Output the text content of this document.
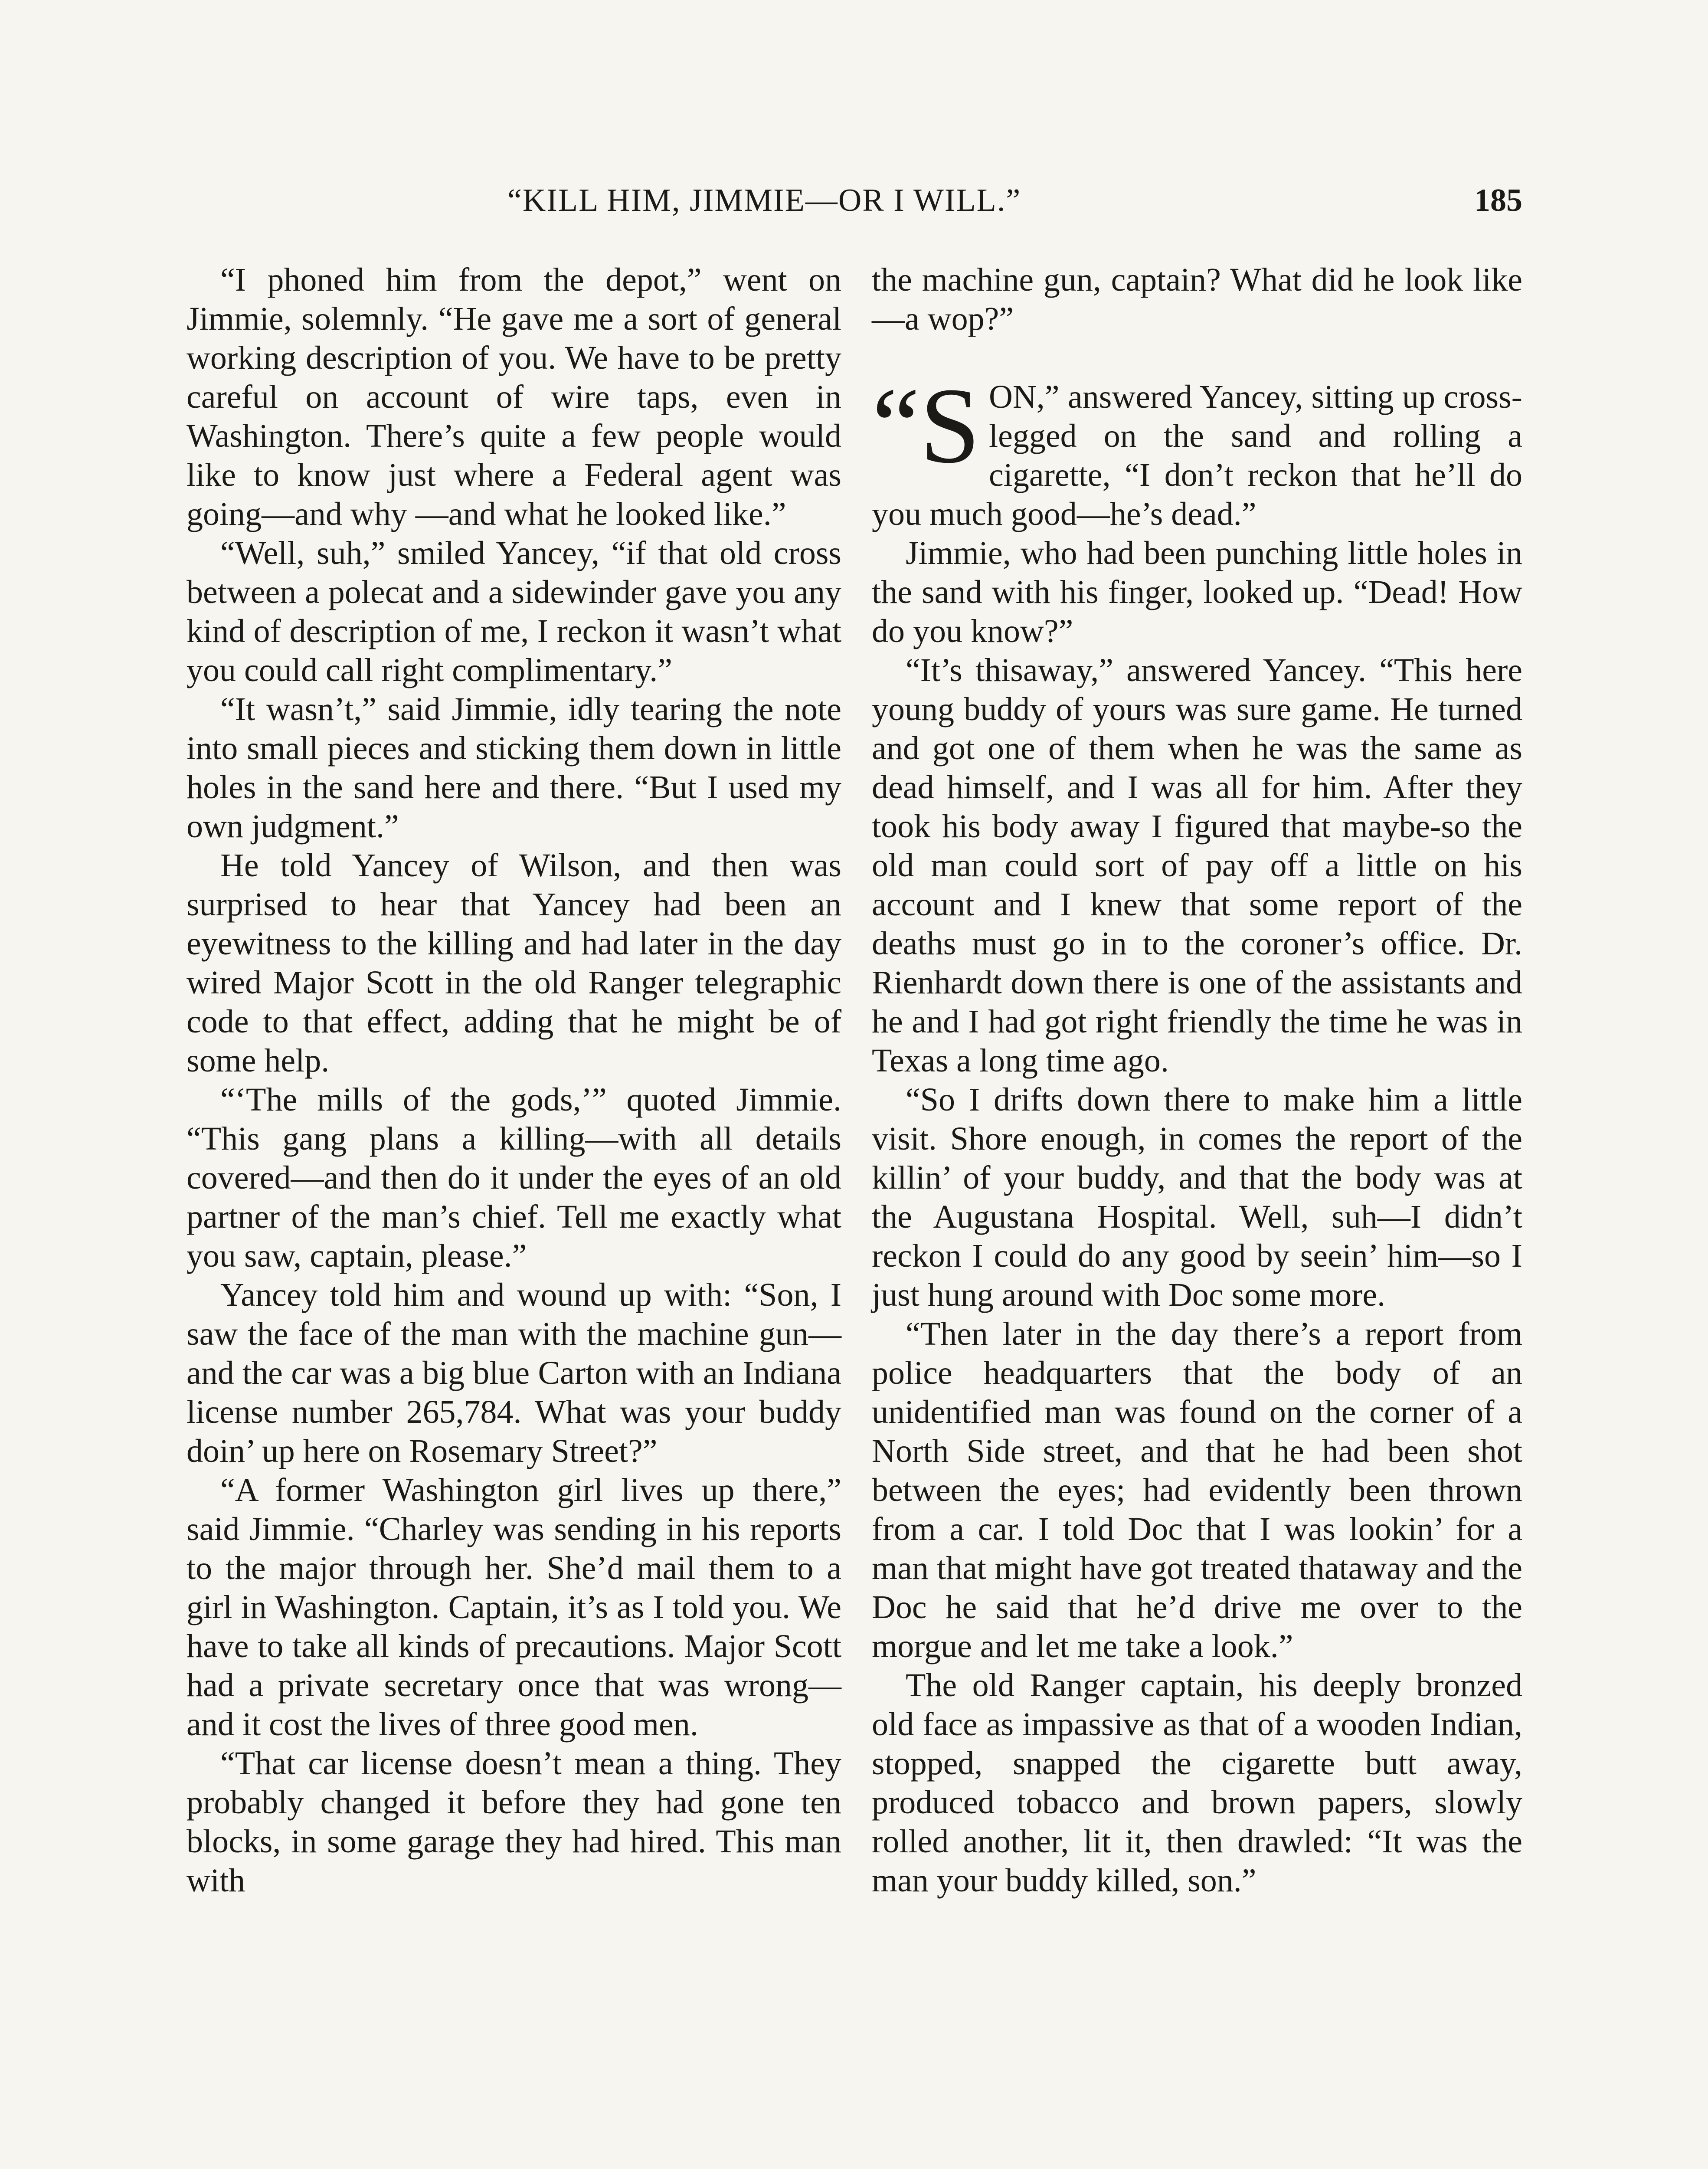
“KILL HIM, JIMMIE—OR I WILL.”	185

“I phoned him from the depot,” went on Jimmie, solemnly. “He gave me a sort of general working description of you. We have to be pretty careful on account of wire taps, even in Washington. There’s quite a few people would like to know just where a Federal agent was going—and why —and what he looked like.”

“Well, suh,” smiled Yancey, “if that old cross between a polecat and a sidewinder gave you any kind of description of me, I reckon it wasn’t what you could call right complimentary.”

“It wasn’t,” said Jimmie, idly tearing the note into small pieces and sticking them down in little holes in the sand here and there. “But I used my own judgment.”

He told Yancey of Wilson, and then was surprised to hear that Yancey had been an eyewitness to the killing and had later in the day wired Major Scott in the old Ranger telegraphic code to that effect, adding that he might be of some help.

“‘The mills of the gods,’” quoted Jimmie. “This gang plans a killing—with all details covered—and then do it under the eyes of an old partner of the man’s chief. Tell me exactly what you saw, captain, please.”

Yancey told him and wound up with: “Son, I saw the face of the man with the machine gun—and the car was a big blue Carton with an Indiana license number 265,784. What was your buddy doin’ up here on Rosemary Street?”

“A former Washington girl lives up there,” said Jimmie. “Charley was sending in his reports to the major through her. She’d mail them to a girl in Washington. Captain, it’s as I told you. We have to take all kinds of precautions. Major Scott had a private secretary once that was wrong—and it cost the lives of three good men.

“That car license doesn’t mean a thing. They probably changed it before they had gone ten blocks, in some garage they had hired. This man with

the machine gun, captain? What did he look like—a wop?”

“S ON,” answered Yancey, sitting up cross-legged on the sand and rolling a cigarette, “I don’t reckon that he’ll do you much good—he’s dead.”

Jimmie, who had been punching little holes in the sand with his finger, looked up. “Dead! How do you know?”

“It’s thisaway,” answered Yancey. “This here young buddy of yours was sure game. He turned and got one of them when he was the same as dead himself, and I was all for him. After they took his body away I figured that maybe-so the old man could sort of pay off a little on his account and I knew that some report of the deaths must go in to the coroner’s office. Dr. Rienhardt down there is one of the assistants and he and I had got right friendly the time he was in Texas a long time ago.

“So I drifts down there to make him a little visit. Shore enough, in comes the report of the killin’ of your buddy, and that the body was at the Augustana Hospital. Well, suh—I didn’t reckon I could do any good by seein’ him—so I just hung around with Doc some more.

“Then later in the day there’s a report from police headquarters that the body of an unidentified man was found on the corner of a North Side street, and that he had been shot between the eyes; had evidently been thrown from a car. I told Doc that I was lookin’ for a man that might have got treated thataway and the Doc he said that he’d drive me over to the morgue and let me take a look.”

The old Ranger captain, his deeply bronzed old face as impassive as that of a wooden Indian, stopped, snapped the cigarette butt away, produced tobacco and brown papers, slowly rolled another, lit it, then drawled: “It was the man your buddy killed, son.”
